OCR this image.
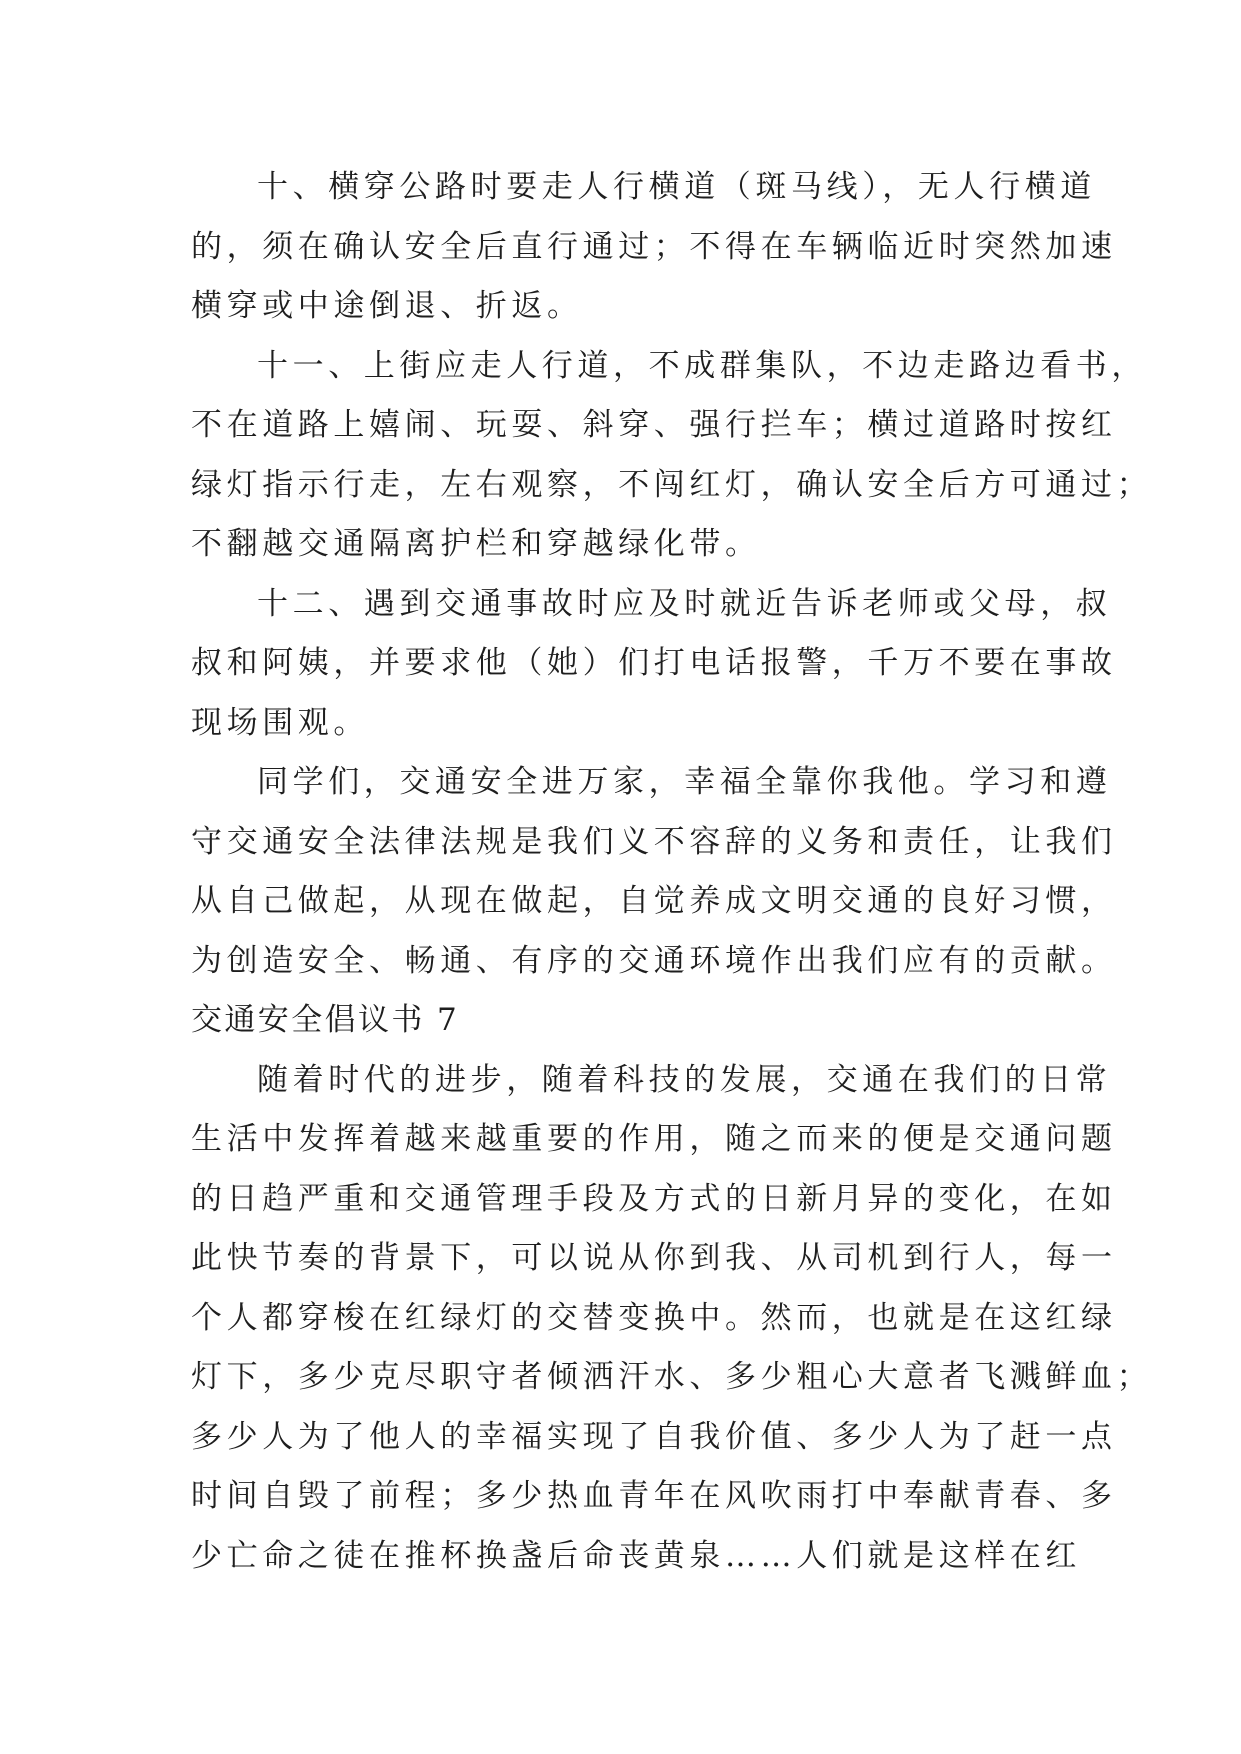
十、横穿公路时要走人行横道（斑马线），无人行横道
的，须在确认安全后直行通过；不得在车辆临近时突然加速
横穿或中途倒退、折返。
十一、上街应走人行道，不成群集队，不边走路边看书，
不在道路上嬉闹、玩耍、斜穿、强行拦车；横过道路时按红
绿灯指示行走，左右观察，不闯红灯，确认安全后方可通过；
不翻越交通隔离护栏和穿越绿化带。
十二、遇到交通事故时应及时就近告诉老师或父母，叔
叔和阿姨，并要求他（她）们打电话报警，千万不要在事故
现场围观。
同学们，交通安全进万家，幸福全靠你我他。学习和遵
守交通安全法律法规是我们义不容辞的义务和责任，让我们
从自己做起，从现在做起，自觉养成文明交通的良好习惯，
为创造安全、畅通、有序的交通环境作出我们应有的贡献。
交通安全倡议书 7
随着时代的进步，随着科技的发展，交通在我们的日常
生活中发挥着越来越重要的作用，随之而来的便是交通问题
的日趋严重和交通管理手段及方式的日新月异的变化，在如
此快节奏的背景下，可以说从你到我、从司机到行人，每一
个人都穿梭在红绿灯的交替变换中。然而，也就是在这红绿
灯下，多少克尽职守者倾洒汗水、多少粗心大意者飞溅鲜血；
多少人为了他人的幸福实现了自我价值、多少人为了赶一点
时间自毁了前程；多少热血青年在风吹雨打中奉献青春、多
少亡命之徒在推杯换盏后命丧黄泉……人们就是这样在红
